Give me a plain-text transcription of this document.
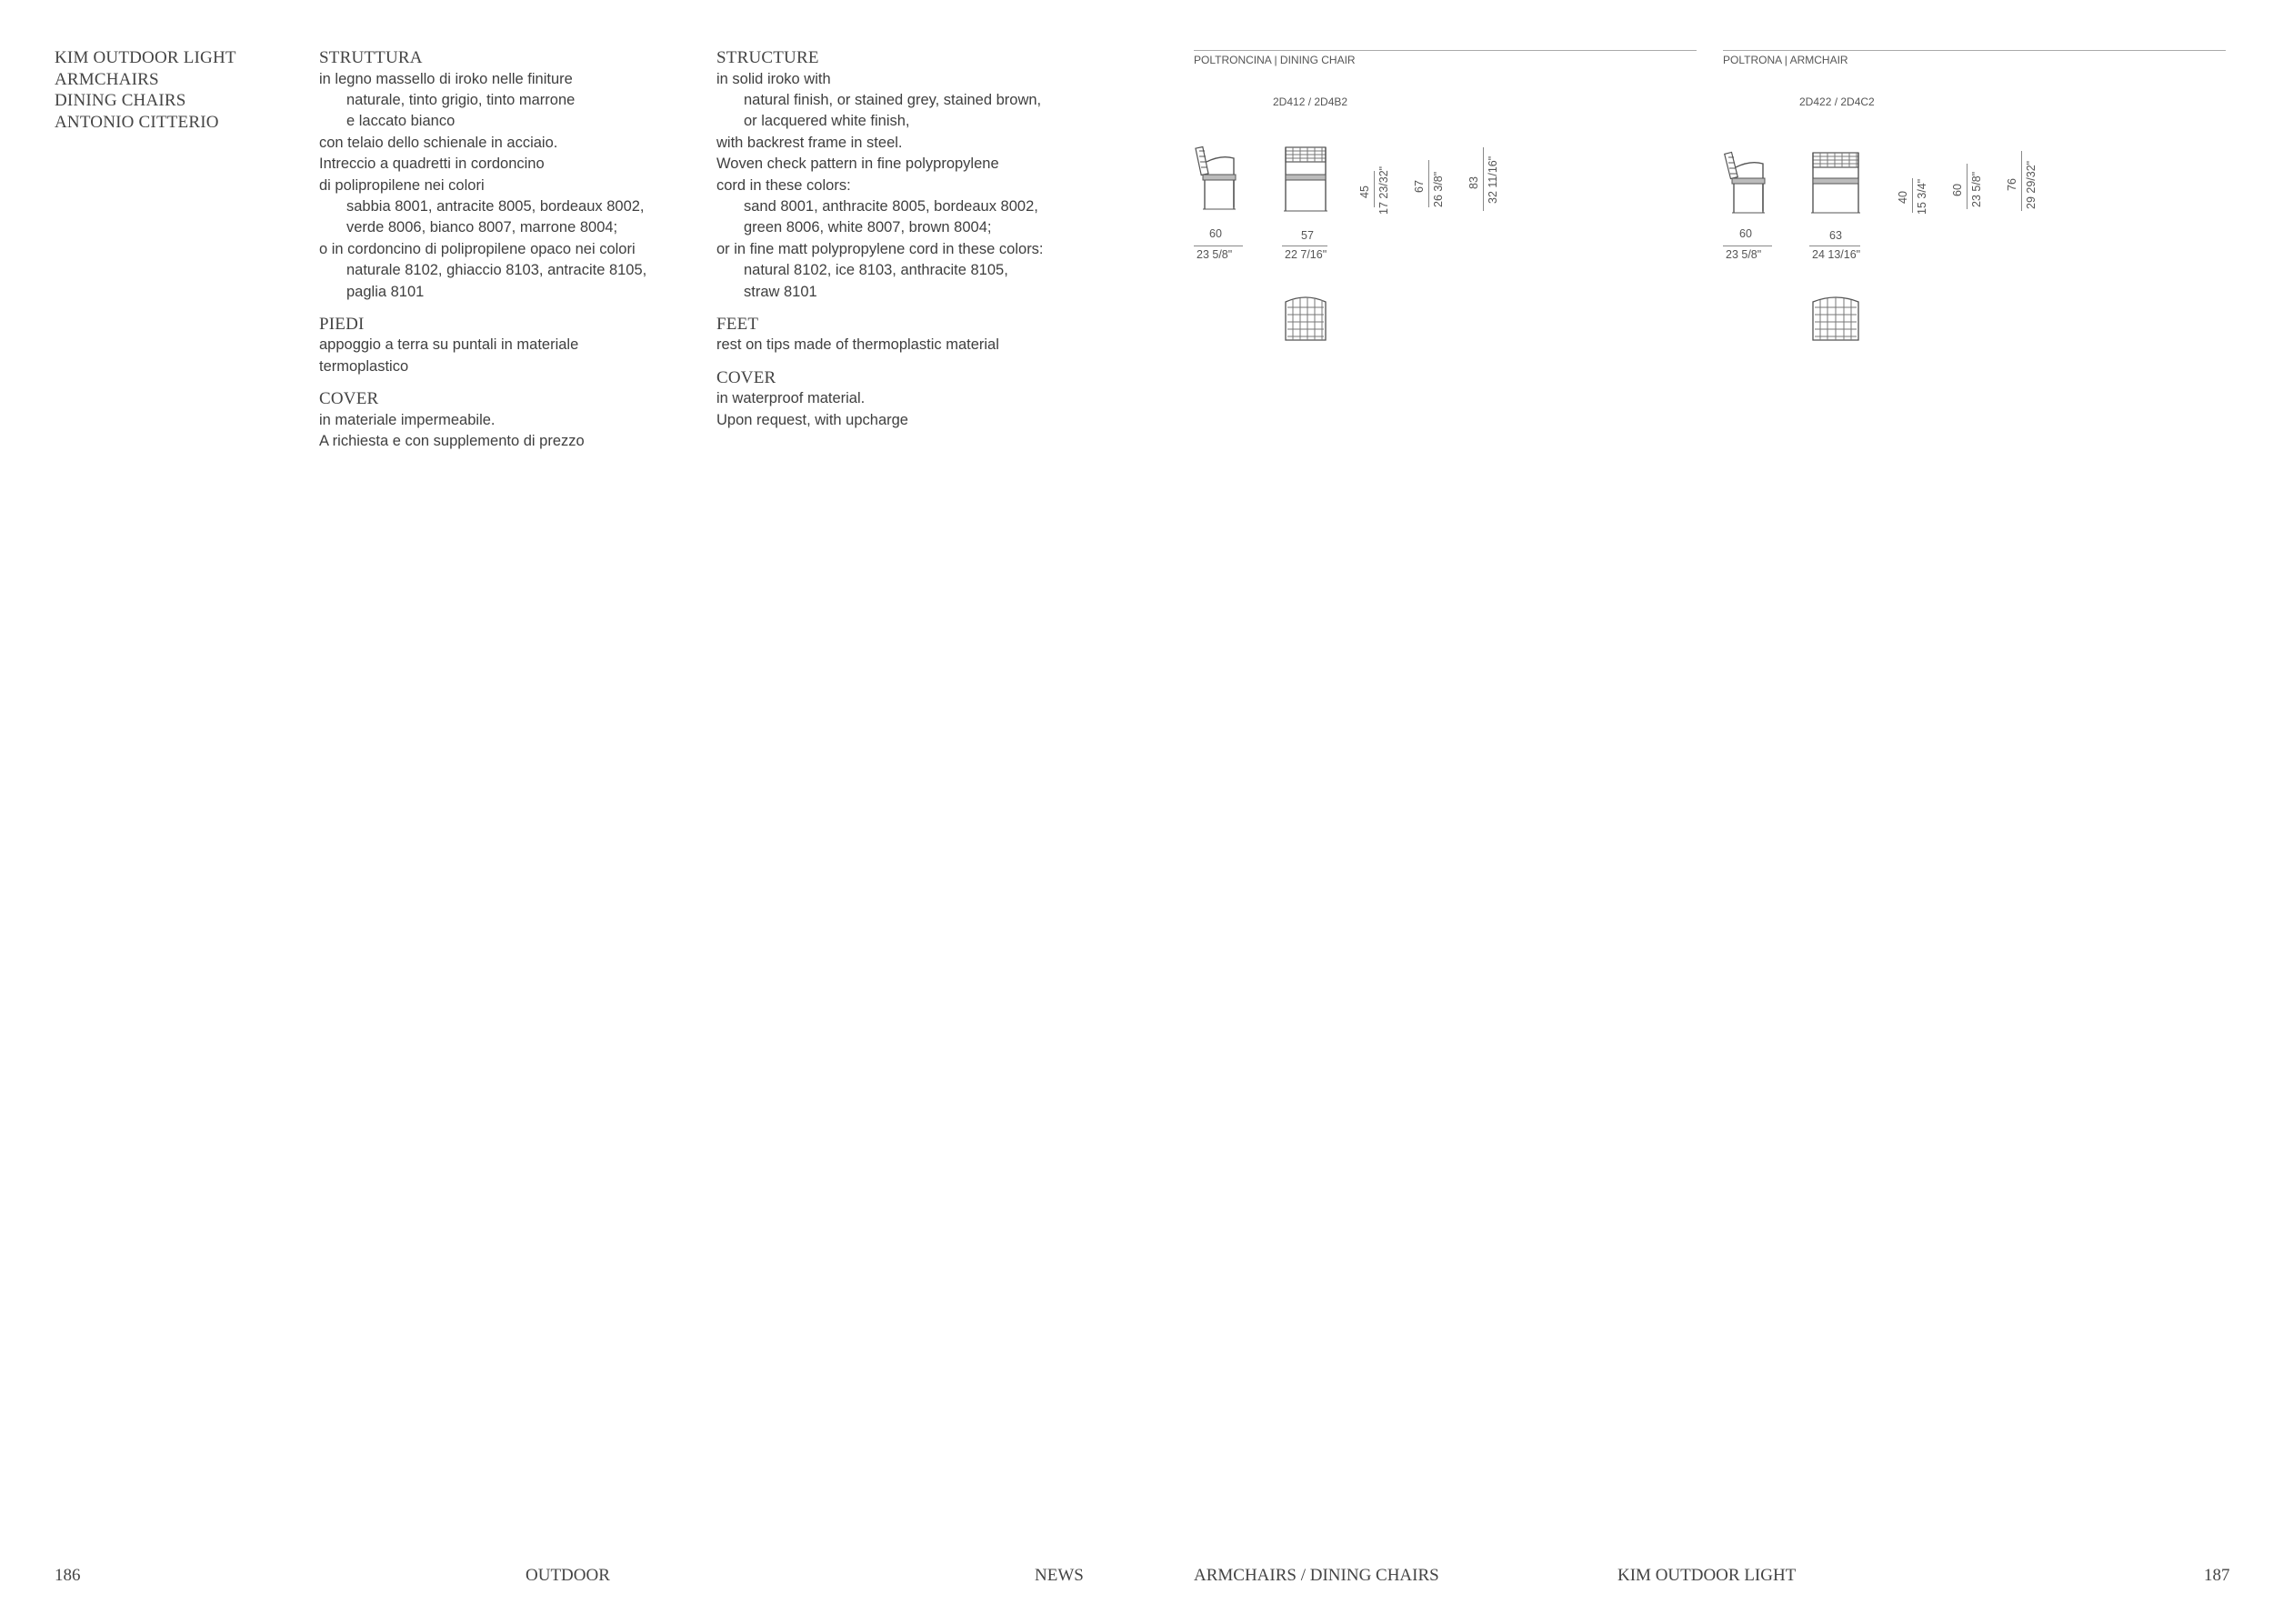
KIM OUTDOOR LIGHT
ARMCHAIRS
DINING CHAIRS
ANTONIO CITTERIO
STRUTTURA
in legno massello di iroko nelle finiture
naturale, tinto grigio, tinto marrone
e laccato bianco
con telaio dello schienale in acciaio.
Intreccio a quadretti in cordoncino
di polipropilene nei colori
sabbia 8001, antracite 8005, bordeaux 8002,
verde 8006, bianco 8007, marrone 8004;
o in cordoncino di polipropilene opaco nei colori
naturale 8102, ghiaccio 8103, antracite 8105,
paglia 8101
PIEDI
appoggio a terra su puntali in materiale
termoplastico
COVER
in materiale impermeabile.
A richiesta e con supplemento di prezzo
STRUCTURE
in solid iroko with
natural finish, or stained grey, stained brown,
or lacquered white finish,
with backrest frame in steel.
Woven check pattern in fine polypropylene
cord in these colors:
sand 8001, anthracite 8005, bordeaux 8002,
green 8006, white 8007, brown 8004;
or in fine matt polypropylene cord in these colors:
natural 8102, ice 8103, anthracite 8105,
straw 8101
FEET
rest on tips made of thermoplastic material
COVER
in waterproof material.
Upon request, with upcharge
POLTRONCINA | DINING CHAIR
2D412 / 2D4B2
60
23 5/8"
57
22 7/16"
45 17 23/32" 67 26 3/8" 83 32 11/16"
POLTRONA | ARMCHAIR
2D422 / 2D4C2
60
23 5/8"
63
24 13/16"
40 15 3/4" 60 23 5/8" 76 29 29/32"
186	OUTDOOR	NEWS	ARMCHAIRS / DINING CHAIRS	KIM OUTDOOR LIGHT	187
